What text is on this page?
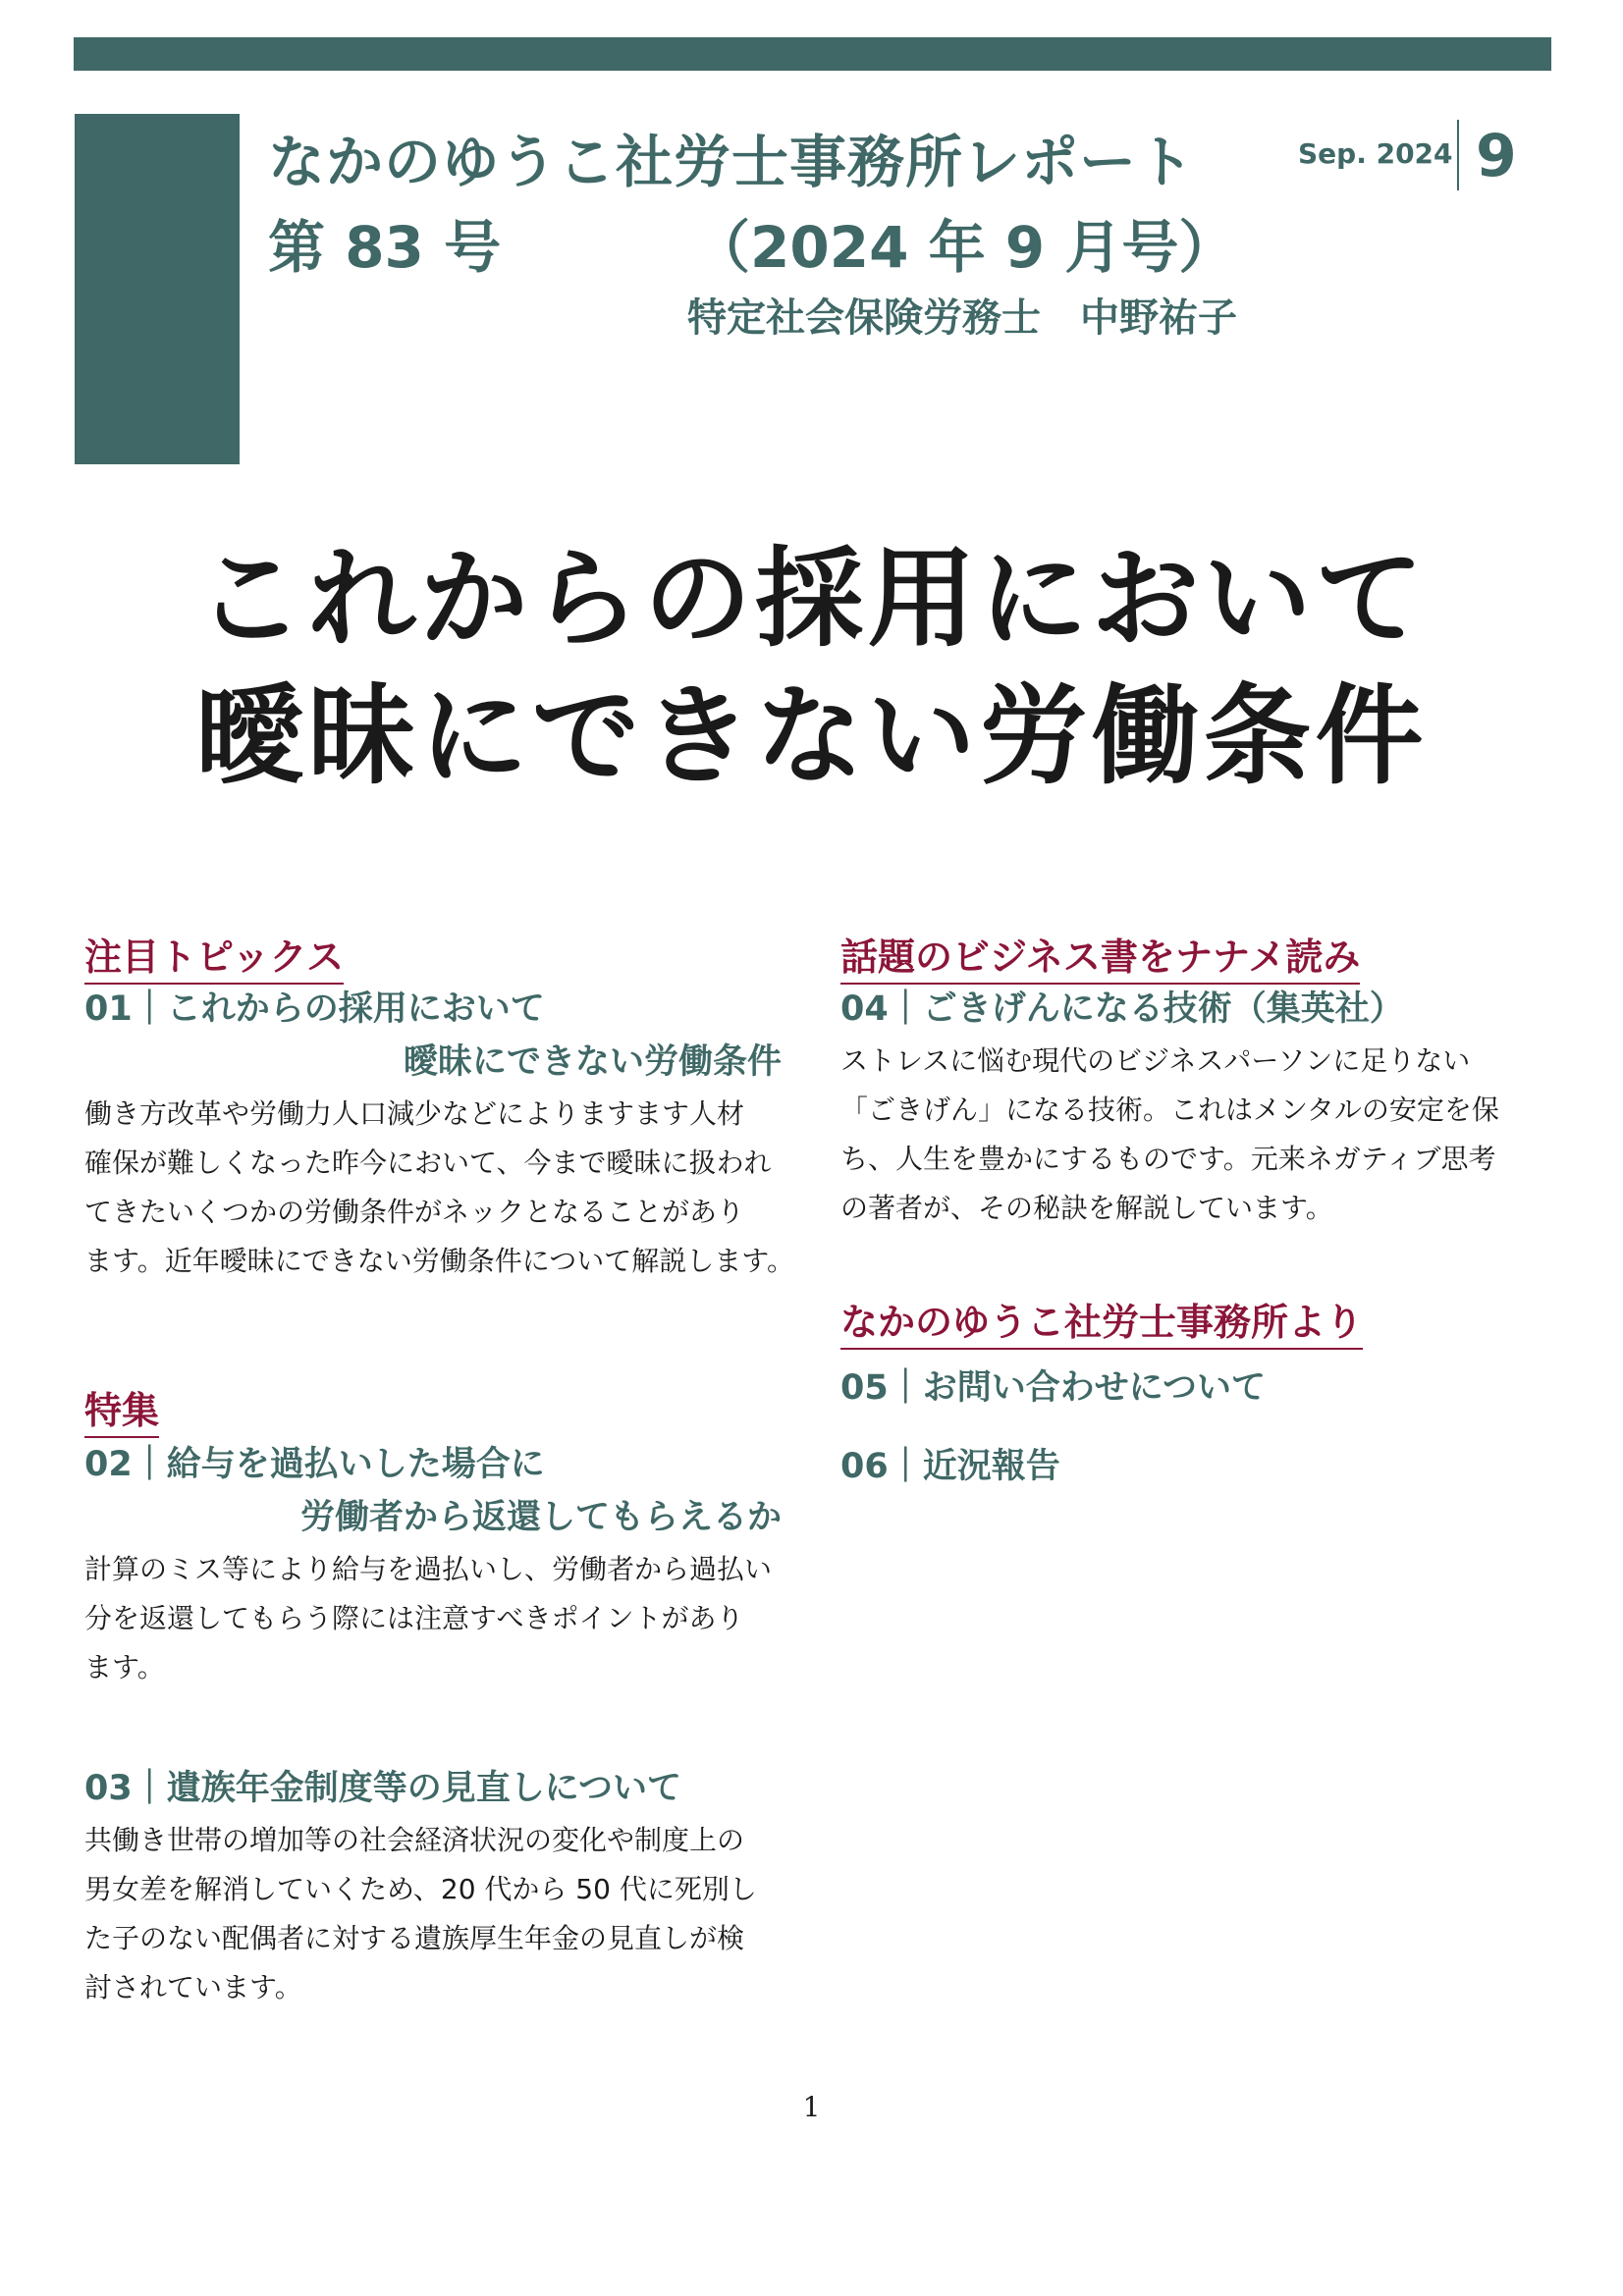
なかのゆうこ社労士事務所レポート
第 83 号	（2024 年 9 月号）
特定社会保険労務士　中野祐子
Sep. 2024 9
これからの採用において
曖昧にできない労働条件
注目トピックス
01｜これからの採用において
曖昧にできない労働条件
働き方改革や労働力人口減少などによりますます人材
確保が難しくなった昨今において、今まで曖昧に扱われ
てきたいくつかの労働条件がネックとなることがあり
ます。近年曖昧にできない労働条件について解説します。
特集
02｜給与を過払いした場合に
労働者から返還してもらえるか
計算のミス等により給与を過払いし、労働者から過払い
分を返還してもらう際には注意すべきポイントがあり
ます。
03｜遺族年金制度等の見直しについて
共働き世帯の増加等の社会経済状況の変化や制度上の
男女差を解消していくため、20 代から 50 代に死別し
た子のない配偶者に対する遺族厚生年金の見直しが検
討されています。
話題のビジネス書をナナメ読み
04｜ごきげんになる技術（集英社）
ストレスに悩む現代のビジネスパーソンに足りない
「ごきげん」になる技術。これはメンタルの安定を保
ち、人生を豊かにするものです。元来ネガティブ思考
の著者が、その秘訣を解説しています。
なかのゆうこ社労士事務所より
05｜お問い合わせについて
06｜近況報告
1
